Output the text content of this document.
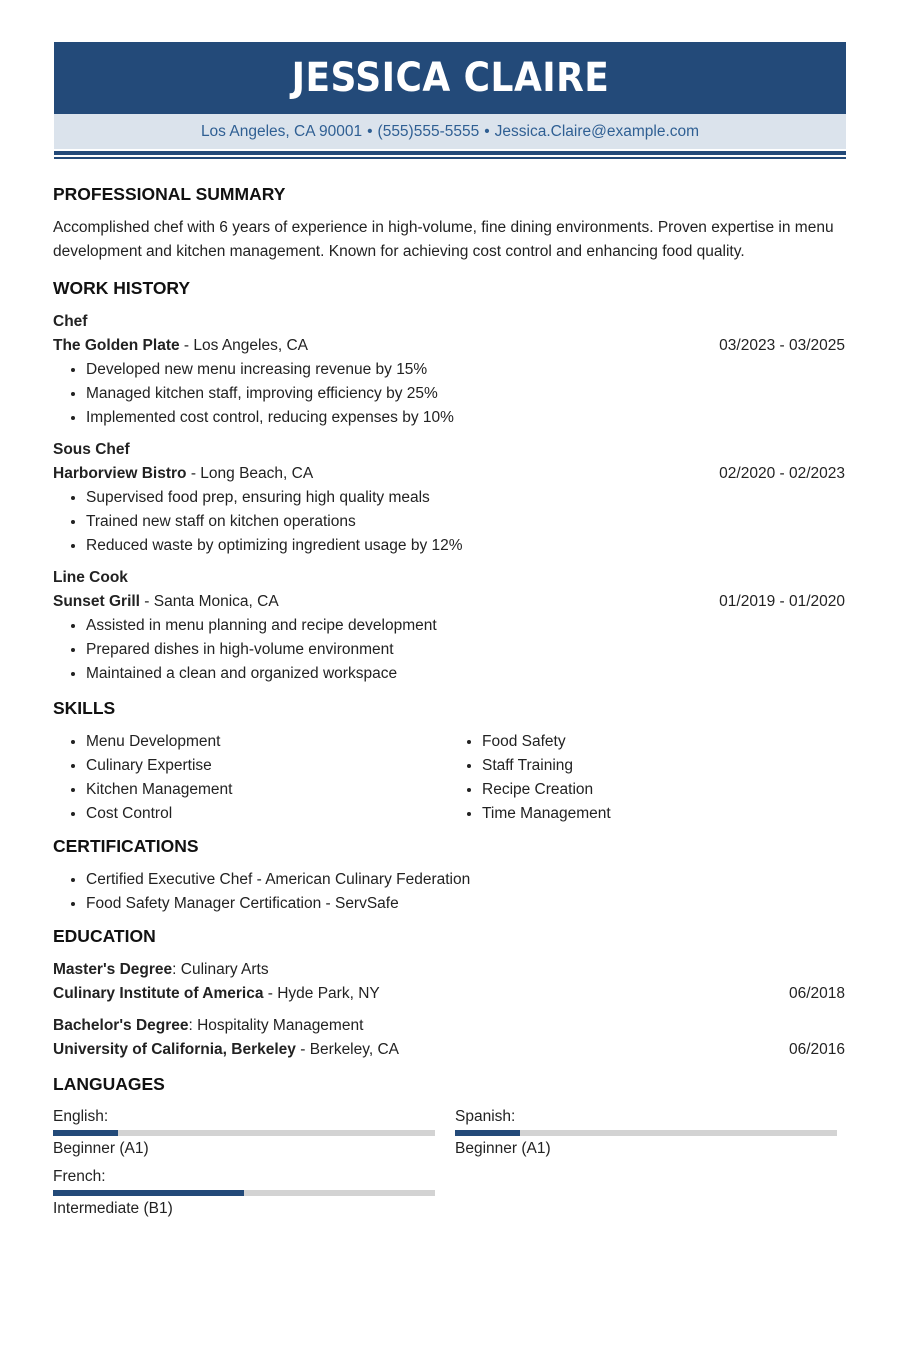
JESSICA CLAIRE
Los Angeles, CA 90001 • (555)555-5555 • Jessica.Claire@example.com
PROFESSIONAL SUMMARY
Accomplished chef with 6 years of experience in high-volume, fine dining environments. Proven expertise in menu development and kitchen management. Known for achieving cost control and enhancing food quality.
WORK HISTORY
Chef
The Golden Plate - Los Angeles, CA	03/2023 - 03/2025
• Developed new menu increasing revenue by 15%
• Managed kitchen staff, improving efficiency by 25%
• Implemented cost control, reducing expenses by 10%
Sous Chef
Harborview Bistro - Long Beach, CA	02/2020 - 02/2023
• Supervised food prep, ensuring high quality meals
• Trained new staff on kitchen operations
• Reduced waste by optimizing ingredient usage by 12%
Line Cook
Sunset Grill - Santa Monica, CA	01/2019 - 01/2020
• Assisted in menu planning and recipe development
• Prepared dishes in high-volume environment
• Maintained a clean and organized workspace
SKILLS
• Menu Development
• Culinary Expertise
• Kitchen Management
• Cost Control
• Food Safety
• Staff Training
• Recipe Creation
• Time Management
CERTIFICATIONS
• Certified Executive Chef - American Culinary Federation
• Food Safety Manager Certification - ServSafe
EDUCATION
Master's Degree: Culinary Arts
Culinary Institute of America - Hyde Park, NY	06/2018
Bachelor's Degree: Hospitality Management
University of California, Berkeley - Berkeley, CA	06/2016
LANGUAGES
English:
Beginner (A1)
Spanish:
Beginner (A1)
French:
Intermediate (B1)
